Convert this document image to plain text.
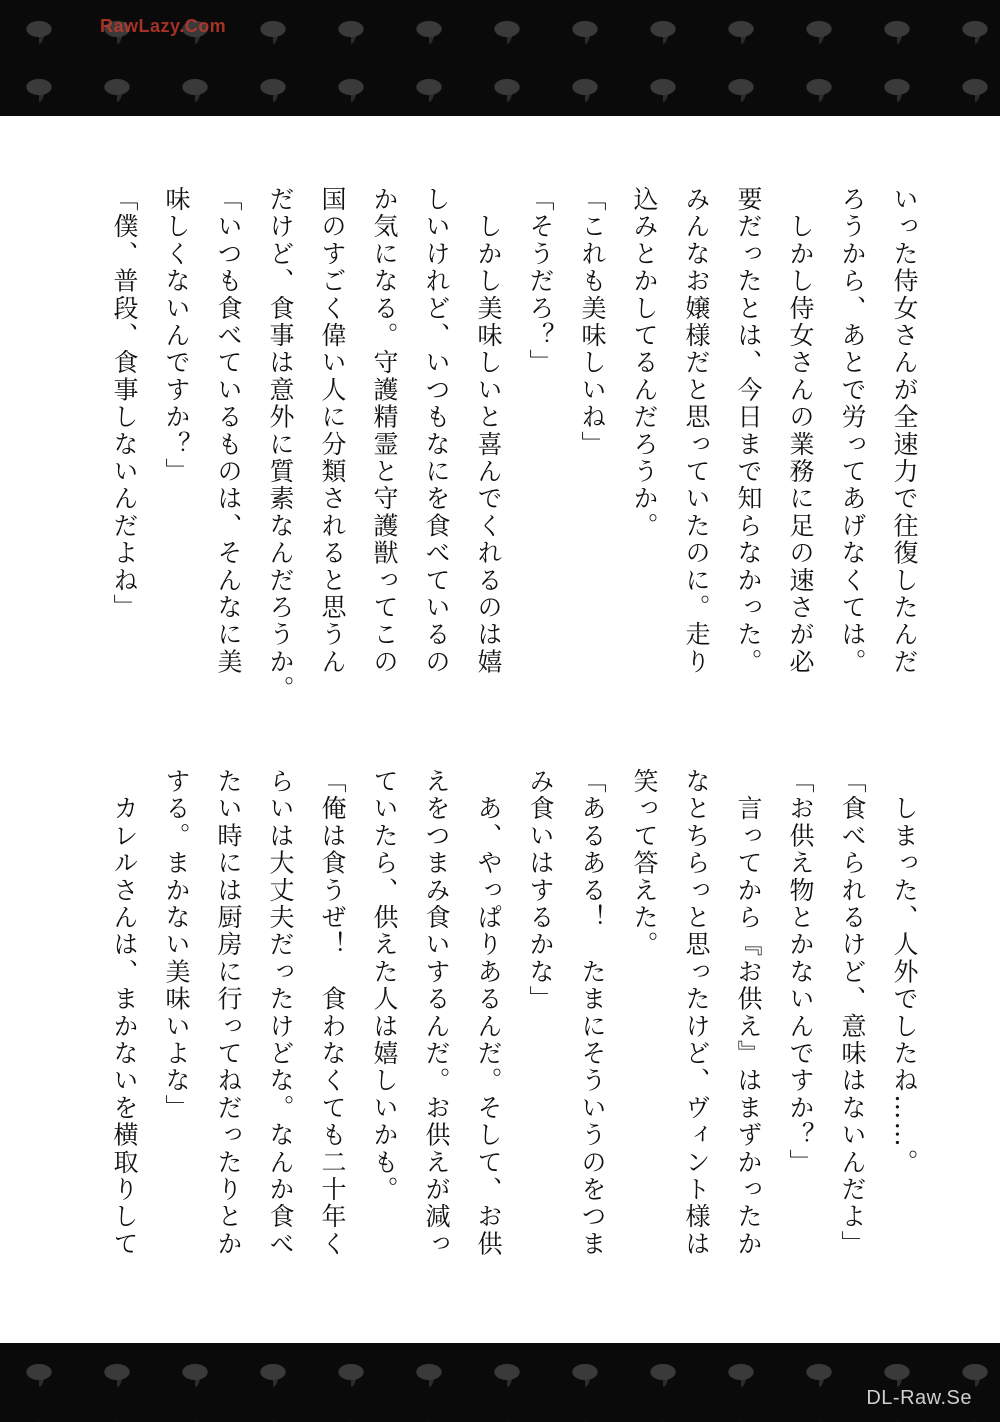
RawLazy.Com
いった侍女さんが全速力で往復したんだ
ろうから、あとで労ってあげなくては。
　しかし侍女さんの業務に足の速さが必
要だったとは、今日まで知らなかった。
みんなお嬢様だと思っていたのに。走り
込みとかしてるんだろうか。
「これも美味しいね」
「そうだろ？」
　しかし美味しいと喜んでくれるのは嬉
しいけれど、いつもなにを食べているの
か気になる。守護精霊と守護獣ってこの
国のすごく偉い人に分類されると思うん
だけど、食事は意外に質素なんだろうか。
「いつも食べているものは、そんなに美
味しくないんですか？」
「僕、普段、食事しないんだよね」
　しまった、人外でしたね……。
「食べられるけど、意味はないんだよ」
「お供え物とかないんですか？」
　言ってから『お供え』はまずかったか
なとちらっと思ったけど、ヴィント様は
笑って答えた。
「あるある！　たまにそういうのをつま
み食いはするかな」
　あ、やっぱりあるんだ。そして、お供
えをつまみ食いするんだ。お供えが減っ
ていたら、供えた人は嬉しいかも。
「俺は食うぜ！　食わなくても二十年く
らいは大丈夫だったけどな。なんか食べ
たい時には厨房に行ってねだったりとか
する。まかない美味いよな」
　カレルさんは、まかないを横取りして
DL-Raw.Se
